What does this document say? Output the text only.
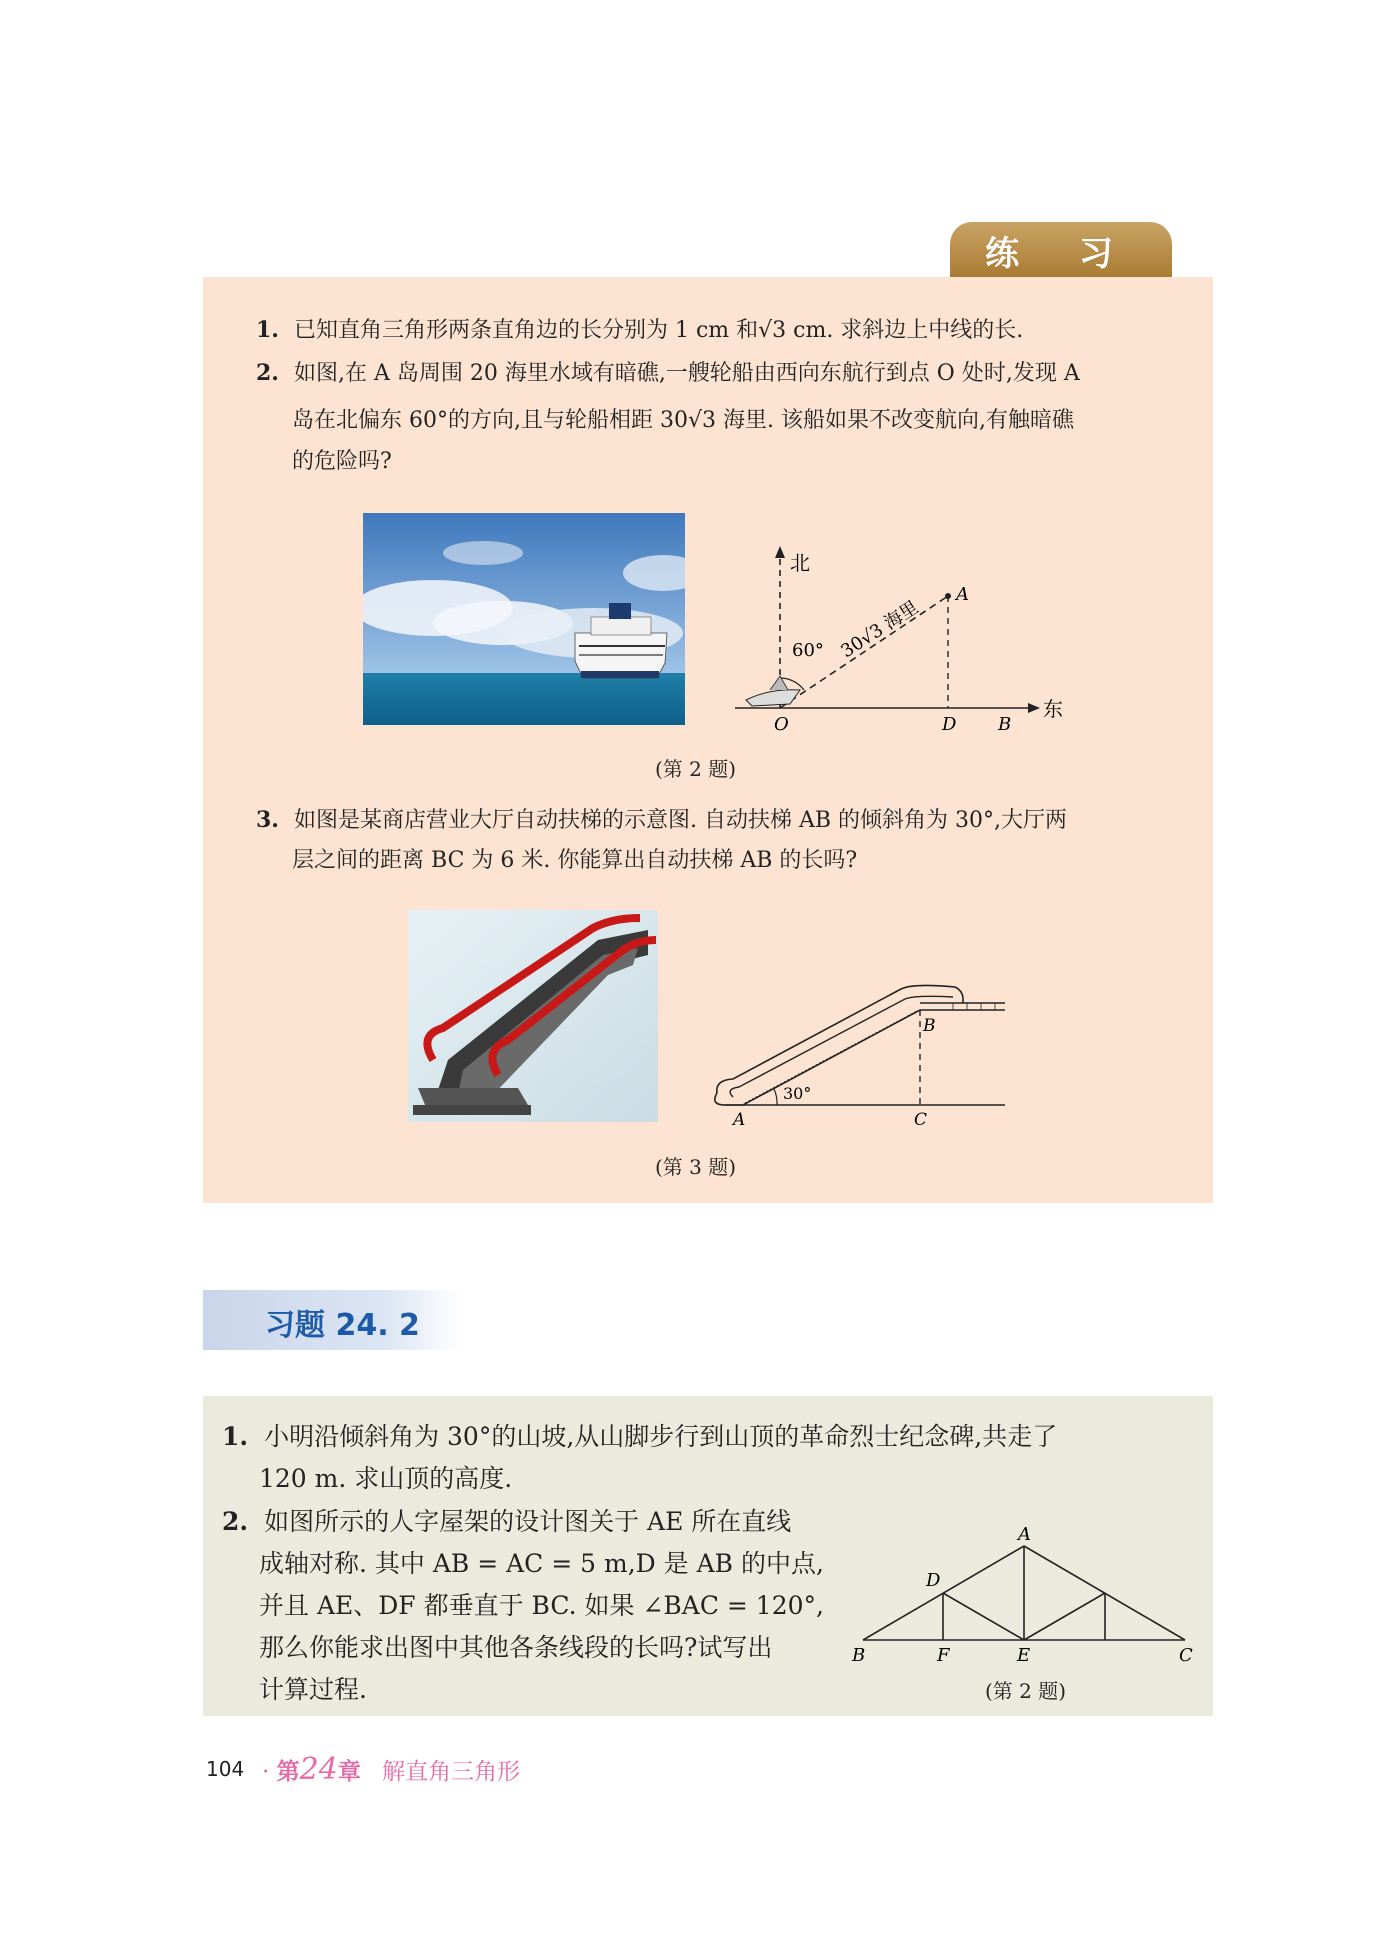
练 习
1. 已知直角三角形两条直角边的长分别为 1 cm 和√3 cm. 求斜边上中线的长.
2. 如图,在 A 岛周围 20 海里水域有暗礁,一艘轮船由西向东航行到点 O 处时,发现 A
岛在北偏东 60°的方向,且与轮船相距 30√3 海里. 该船如果不改变航向,有触暗礁
的危险吗?
北
东
60° 30√3 海里
A
O	D B
(第 2 题)
3. 如图是某商店营业大厅自动扶梯的示意图. 自动扶梯 AB 的倾斜角为 30°,大厅两
层之间的距离 BC 为 6 米. 你能算出自动扶梯 AB 的长吗?
30°
B
A	C
(第 3 题)
习题 24. 2
1. 小明沿倾斜角为 30°的山坡,从山脚步行到山顶的革命烈士纪念碑,共走了
120 m. 求山顶的高度.
2. 如图所示的人字屋架的设计图关于 AE 所在直线
成轴对称. 其中 AB = AC = 5 m,D 是 AB 的中点,
并且 AE、DF 都垂直于 BC. 如果 ∠BAC = 120°,
那么你能求出图中其他各条线段的长吗?试写出
计算过程.
A
D
B	F	E	C
(第 2 题)
104 · 第24章 解直角三角形
